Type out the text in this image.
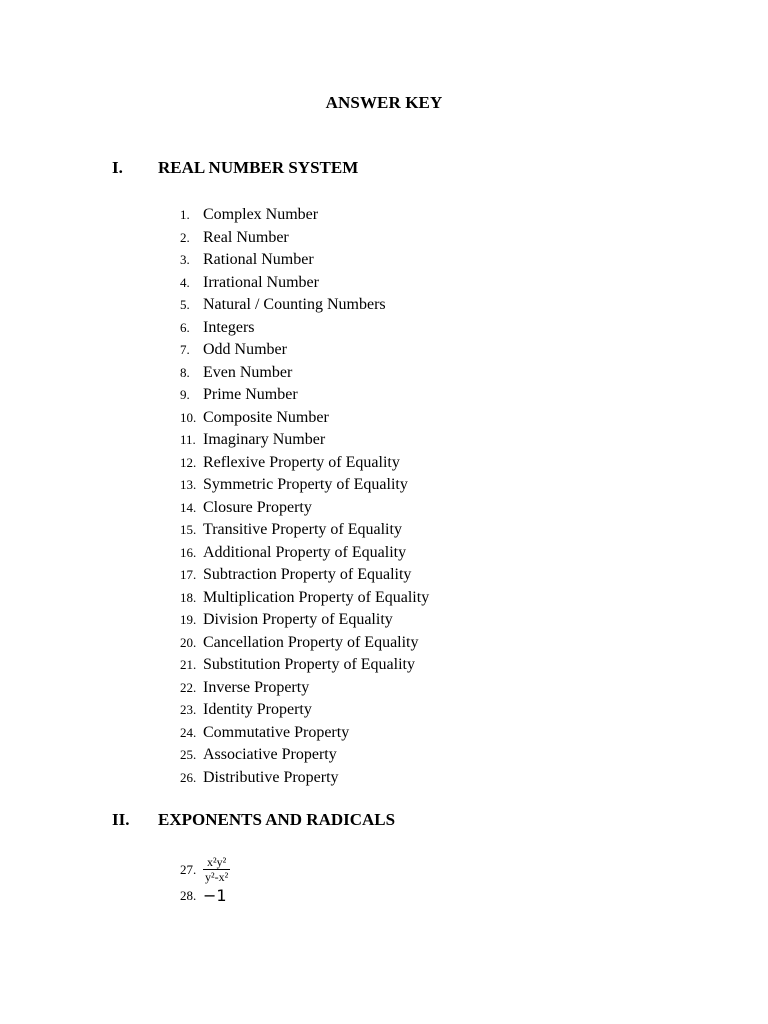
ANSWER KEY
I.	REAL NUMBER SYSTEM
1. Complex Number
2. Real Number
3. Rational Number
4. Irrational Number
5. Natural / Counting Numbers
6. Integers
7. Odd Number
8. Even Number
9. Prime Number
10. Composite Number
11. Imaginary Number
12. Reflexive Property of Equality
13. Symmetric Property of Equality
14. Closure Property
15. Transitive Property of Equality
16. Additional Property of Equality
17. Subtraction Property of Equality
18. Multiplication Property of Equality
19. Division Property of Equality
20. Cancellation Property of Equality
21. Substitution Property of Equality
22. Inverse Property
23. Identity Property
24. Commutative Property
25. Associative Property
26. Distributive Property
II.	EXPONENTS AND RADICALS
27. $\frac{\text{x²y²}}{\text{y²-x²}}$
28. −1
